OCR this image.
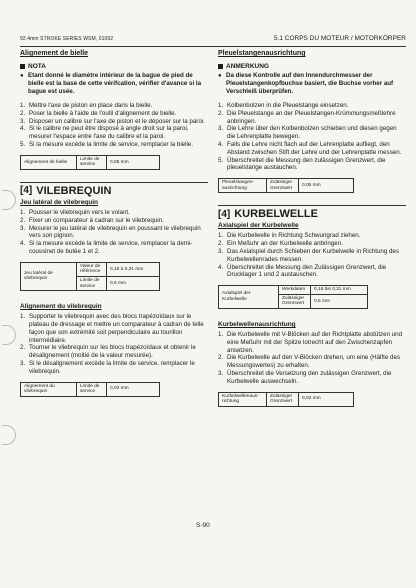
92.4mm STROKE SERIES WSM, 01092	5.1 CORPS DU MOTEUR / MOTORKÖRPER
Alignement de bielle
NOTA
● Etant donné le diamètre intérieur de la bague de pied de bielle est la base de cette vérifcation, vérifier d'avance si la bague est usée.
1. Mettre l'axe de piston en place dans la bielle.
2. Poser la bielle à l'aide de l'outil d'alignement de bielle.
3. Disposer un calibre sur l'axe de piston et le déposer sur la paroi.
4. Si le calibre ne peut être disposé à angle droit sur la paroi, mesurer l'espace entre l'axe du calibre et la paroi.
5. Si la mesure excède la limite de service, remplacer la bielle.
Alignement de bielle	Limite de service	0,05 mm
[4] VILEBREQUIN
Jeu latéral de vilebrequin
1. Pousser le vilebrequin vers le volant.
2. Fixer un comparateur à cadran sur le vilebrequin.
3. Mesurer le jeu latéral de vilebrequin en poussant le vilebrequin vers son pignon.
4. Si la mesure excède la limite de service, remplacer la demi-coussinet de butée 1 et 2.
Jeu latéral de vilebrequin	Valeur de référence	0,15 à 0,31 mm
	Limite de service	0,5 mm
Alignement du vilebrequin
1. Supporter le vilebrequin avec des blocs trapézoïdaux sur le plateau de dressage et mettre un comparateur à cadran de telle façon que son extrémité soit perpendiculaire au tourillon intermédiaire.
2. Tourner le vilebrequin sur les blocs trapézoïdaux et obtenir le désalignement (moitié de la valeur mesurée).
3. Si le désalignement excède la limite de service, remplacer le vilebrequin.
Alignement du vilebrequin	Limite de service	0,02 mm
Pleuelstangenausrichtung
ANMERKUNG
● Da diese Kontrolle auf den Innendurchmesser der Pleuelstangenkopfbuchse basiert, die Buchse vorher auf Verschleiß überprüfen.
1. Kolbenbolzen in die Pleuelstange einsetzen.
2. Die Pleuelstange an der Pleuelstangen-Krümmungsmeßlehre anbringen.
3. Die Lehre über den Kolbenbolzen schieben und diesen gegen die Lehrenplatte bewegen.
4. Falls die Lehre nicht flach auf der Lehrenplatte aufliegt, den Abstand zwischen Stift der Lehre und der Lehrenplatte messen.
5. Überschreitet die Messung den zulässigen Grenzwert, die pleuelstange austauchen.
Pleuelstangen-ausrichtung	Zulässiger Grenzwert	0,05 mm
[4] KURBELWELLE
Axialspiel der Kurbelwelle
1. Die Kurbelwelle in Richtung Schwungrad ziehen.
2. Ein Meßuhr an der Kurbelwelle anbringen.
3. Das Axialspiel durch Schieben der Kurbelwelle in Richtung des Kurbelwellenrades messen.
4. Überschreitet die Messung den Zulässigen Grenzwert, die Drucklager 1 und 2 austauschen.
Axialspiel der Kurbelwelle	Werkdaten	0,15 bis 0,31 mm
	Zulässiger Grenzwert	0,5 mm
Kurbelwellenausrichtung
1. Die Kurbelwelle mit V-Blöcken auf der Richtplatte abstützen und eine Meßuhr mit der Spitze lotrecht auf den Zwischenzapfen ansetzen.
2. Die Kurbelwelle auf den V-Blöcken drehen, um eine (Hälfte des Messungswertes) zu erhalten.
3. Überschreitet die Versetzung den zulässigen Grenzwert, die Kurbelwelle auswechseln.
Kurbelwellenaus-richtung	Zulässiger Grenzwert	0,02 mm
S-90
